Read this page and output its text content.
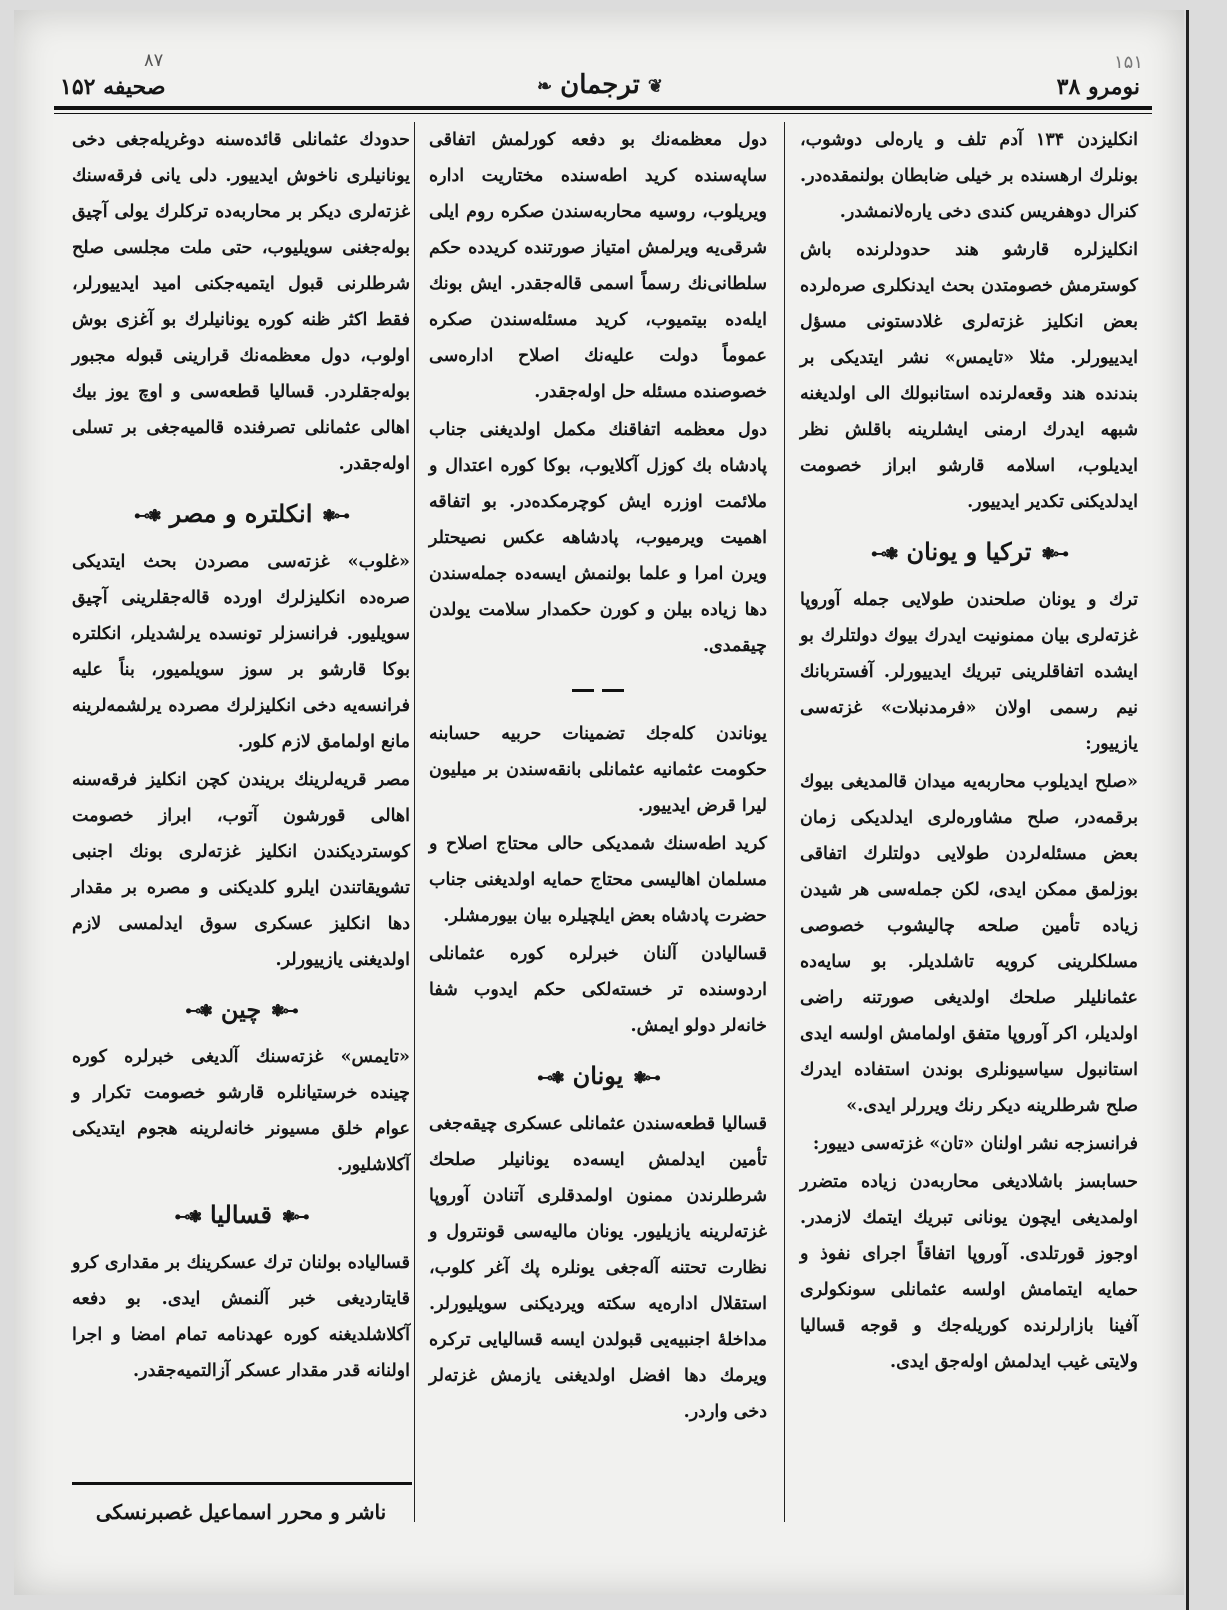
صحیفه ۱۵۲	❦ترجمان❧	نومرو ۳۸
۸۷	۱۵۱

انکلیزدن ۱۳۴ آدم تلف و یاره‌لی دوشوب، بونلرك ارهسنده بر خیلی ضابطان بولنمقده‌در. کنرال دوهفریس کندی دخی یاره‌لانمشدر.

انکلیزلره قارشو هند حدودلرنده باش کوسترمش خصومتدن بحث ایدنکلری صره‌لرده بعض انکلیز غزته‌لری غلادستونی مسؤل ایدییورلر. مثلا «تایمس» نشر ایتدیکی بر بندنده هند وقعه‌لرنده استانبولك الی اولدیغنه شبهه ایدرك ارمنی ایشلرینه باقلش نظر ایدیلوب، اسلامه قارشو ابراز خصومت ایدلدیکنی تکدیر ایدییور.

⊷❃ترکیا و یونان❃⊶

ترك و یونان صلحندن طولایی جمله آوروپا غزته‌لری بیان ممنونیت ایدرك بیوك دولتلرك بو ایشده اتفاقلرینی تبریك ایدییورلر. آفستربانك نیم رسمی اولان «فرمدنبلات» غزته‌سی یازییور:

«صلح ایدیلوب محاربه‌یه میدان قالمدیغی بیوك برقمه‌در، صلح مشاوره‌لری ایدلدیکی زمان بعض مسئله‌لردن طولایی دولتلرك اتفاقی بوزلمق ممکن ایدی، لکن جمله‌سی هر شیدن زیاده تأمین صلحه چالیشوب خصوصی مسلکلرینی کرویه تاشلدیلر. بو سایه‌ده عثمانلیلر صلحك اولدیغی صورتنه راضی اولدیلر، اکر آوروپا متفق اولمامش اولسه ایدی استانبول سیاسیونلری بوندن استفاده ایدرك صلح شرطلرینه دیکر رنك ویررلر ایدی.»

فرانسزجه نشر اولنان «تان» غزته‌سی دییور:

حسابسز باشلادیغی محاربه‌دن زیاده متضرر اولمدیغی ایچون یونانی تبریك ایتمك لازمدر. اوجوز قورتلدی. آوروپا اتفاقاً اجرای نفوذ و حمایه ایتمامش اولسه عثمانلی سونکولری آفینا بازارلرنده کوریله‌جك و قوجه قسالیا ولایتی غیب ایدلمش اوله‌جق ایدی.

دول معظمه‌نك بو دفعه کورلمش اتفاقی ساپه‌سنده کرید اطه‌سنده مختاریت اداره ویریلوب، روسیه محاربه‌سندن صکره روم ایلی شرقی‌یه ویرلمش امتیاز صورتنده کریدده حکم سلطانی‌نك رسماً اسمی قاله‌جقدر. ایش بونك ایله‌ده بیتمیوب، کرید مسئله‌سندن صکره عموماً دولت علیه‌نك اصلاح اداره‌سی خصوصنده مسئله حل اوله‌جقدر.

دول معظمه اتفاقنك مکمل اولدیغنی جناب پادشاه بك کوزل آکلایوب، بوکا کوره اعتدال و ملائمت اوزره ایش کوچرمکده‌در. بو اتفاقه اهمیت ویرمیوب، پادشاهه عکس نصیحتلر ویرن امرا و علما بولنمش ایسه‌ده جمله‌سندن دها زیاده بیلن و کورن حکمدار سلامت یولدن چیقمدی.

یوناندن کله‌جك تضمینات حربیه حسابنه حکومت عثمانیه عثمانلی بانقه‌سندن بر میلیون لیرا قرض ایدییور.

کرید اطه‌سنك شمدیکی حالی محتاج اصلاح و مسلمان اهالیسی محتاج حمایه اولدیغنی جناب حضرت پادشاه بعض ایلچیلره بیان بیورمشلر.

قسالیادن آلنان خبرلره کوره عثمانلی اردوسنده تر خسته‌لکی حکم ایدوب شفا خانه‌لر دولو ایمش.

⊷❃یونان❃⊶

قسالیا قطعه‌سندن عثمانلی عسکری چیقه‌جغی تأمین ایدلمش ایسه‌ده یونانیلر صلحك شرطلرندن ممنون اولمدقلری آتنادن آوروپا غزته‌لرینه یازیلیور. یونان مالیه‌سی قونترول و نظارت تحتنه آله‌جغی یونلره پك آغر کلوب، استقلال اداره‌یه سکته ویردیکنی سویلیورلر. مداخلهٔ اجنبیه‌یی قبولدن ایسه قسالیایی ترکره ویرمك دها افضل اولدیغنی یازمش غزته‌لر دخی واردر.

حدودك عثمانلی قائده‌سنه دوغریله‌جغی دخی یونانیلری ناخوش ایدییور. دلی یانی فرقه‌سنك غزته‌لری دیکر بر محاربه‌ده ترکلرك یولی آچیق بوله‌جغنی سویلیوب، حتی ملت مجلسی صلح شرطلرنی قبول ایتمیه‌جکنی امید ایدییورلر، فقط اکثر ظنه کوره یونانیلرك بو آغزی بوش اولوب، دول معظمه‌نك قرارینی قبوله مجبور بوله‌جقلردر. قسالیا قطعه‌سی و اوچ یوز بیك اهالی عثمانلی تصرفنده قالمیه‌جغی بر تسلی اوله‌جقدر.

⊷❃انکلتره و مصر❃⊶

«غلوب» غزته‌سی مصردن بحث ایتدیکی صره‌ده انکلیزلرك اورده قاله‌جقلرینی آچیق سویلیور. فرانسزلر تونسده یرلشدیلر، انکلتره بوکا قارشو بر سوز سویلمیور، بناً علیه فرانسه‌یه دخی انکلیزلرك مصرده یرلشمه‌لرینه مانع اولمامق لازم کلور.

مصر قریه‌لرینك بریندن کچن انکلیز فرقه‌سنه اهالی قورشون آتوب، ابراز خصومت کوستردیکندن انکلیز غزته‌لری بونك اجنبی تشویقاتندن ایلرو کلدیکنی و مصره بر مقدار دها انکلیز عسکری سوق ایدلمسی لازم اولدیغنی یازییورلر.

⊷❃چین❃⊶

«تایمس» غزته‌سنك آلدیغی خبرلره کوره چینده خرستیانلره قارشو خصومت تکرار و عوام خلق مسیونر خانه‌لرینه هجوم ایتدیکی آکلاشلیور.

⊷❃قسالیا❃⊶

قسالیاده بولنان ترك عسکرینك بر مقداری کرو قایتاردیغی خبر آلنمش ایدی. بو دفعه آکلاشلدیغنه کوره عهدنامه تمام امضا و اجرا اولنانه قدر مقدار عسکر آزالتمیه‌جقدر.

ناشر و محرر اسماعیل غصبرنسکی
